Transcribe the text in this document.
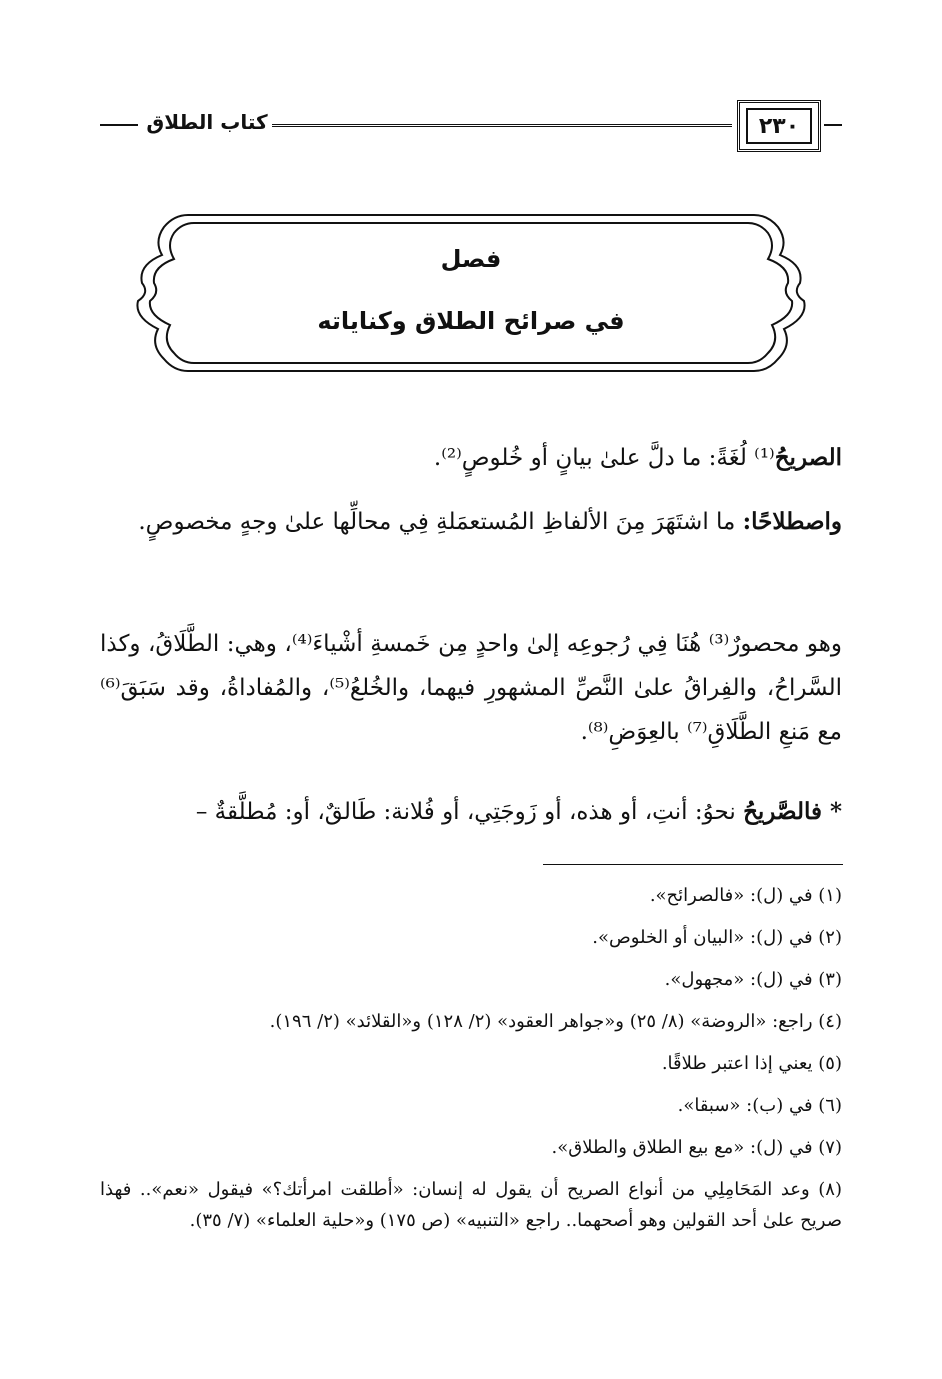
٢٣٠
كتاب الطلاق
فصل
في صرائح الطلاق وكناياته
الصريحُ⁽¹⁾ لُغَةً: ما دلَّ علىٰ بيانٍ أو خُلوصٍ⁽²⁾.
واصطلاحًا: ما اشتَهَرَ مِنَ الألفاظِ المُستعمَلةِ فِي محالِّها علىٰ وجهٍ مخصوصٍ.
وهو محصورٌ⁽³⁾ هُنَا فِي رُجوعِه إلىٰ واحدٍ مِن خَمسةِ أشْياءَ⁽⁴⁾، وهي: الطَّلَاقُ، وكذا السَّراحُ، والفِراقُ علىٰ النَّصِّ المشهورِ فيهما، والخُلعُ⁽⁵⁾، والمُفاداةُ، وقد سَبَقَ⁽⁶⁾ مع مَنعِ الطَّلَاقِ⁽⁷⁾ بالعِوَضِ⁽⁸⁾.
* فالصَّريحُ نحوُ: أنتِ، أو هذه، أو زَوجَتِي، أو فُلانة: طَالقٌ، أو: مُطلَّقةٌ –
(١) في (ل): «فالصرائح».
(٢) في (ل): «البيان أو الخلوص».
(٣) في (ل): «مجهول».
(٤) راجع: «الروضة» (٨/ ٢٥) و«جواهر العقود» (٢/ ١٢٨) و«القلائد» (٢/ ١٩٦).
(٥) يعني إذا اعتبر طلاقًا.
(٦) في (ب): «سبقا».
(٧) في (ل): «مع بيع الطلاق والطلاق».
(٨) وعد المَحَامِلِي من أنواع الصريح أن يقول له إنسان: «أطلقت امرأتك؟» فيقول «نعم».. فهذا صريح علىٰ أحد القولين وهو أصحهما.. راجع «التنبيه» (ص ١٧٥) و«حلية العلماء» (٧/ ٣٥).
